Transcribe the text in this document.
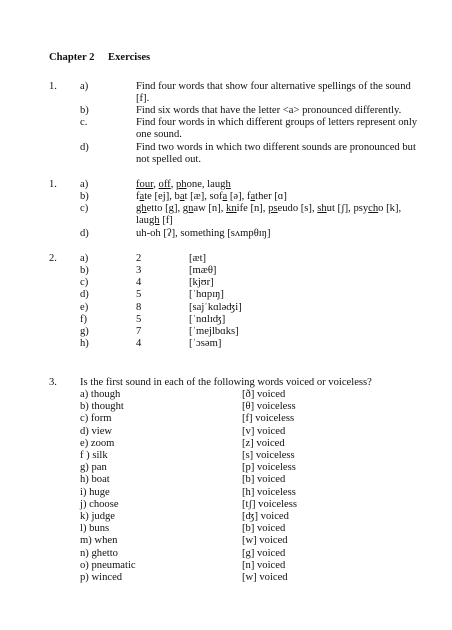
Chapter 2 Exercises
1. a)	Find four words that show four alternative spellings of the sound
[f].
b)	Find six words that have the letter <a> pronounced differently.
c.	Find four words in which different groups of letters represent only
one sound.
d)	Find two words in which two different sounds are pronounced but
not spelled out.
1. a)	four, off, phone, laugh
b)	fate [ej], bat [æ], sofa [ə], father [ɑ]
c)	ghetto [g], gnaw [n], knife [n], pseudo [s], shut [ʃ], psycho [k],
laugh [f]
d)	uh-oh [ʔ], something [sʌmpθɪŋ]
2. a)	2	[æt]
b)	3	[mæθ]
c)	4	[kjʊr]
d)	5	[ˈhɑpɪŋ]
e)	8	[sajˈkɑləʤi]
f)	5	[ˈnɑlɪʤ]
g)	7	[ˈmejlbɑks]
h)	4	[ˈɔsəm]
3. Is the first sound in each of the following words voiced or voiceless?
a) though	[ð] voiced
b) thought	[θ] voiceless
c) form	[f] voiceless
d) view	[v] voiced
e) zoom	[z] voiced
f ) silk	[s] voiceless
g) pan	[p] voiceless
h) boat	[b] voiced
i) huge	[h] voiceless
j) choose	[tʃ] voiceless
k) judge	[ʤ] voiced
l) buns	[b] voiced
m) when	[w] voiced
n) ghetto	[g] voiced
o) pneumatic	[n] voiced
p) winced	[w] voiced
